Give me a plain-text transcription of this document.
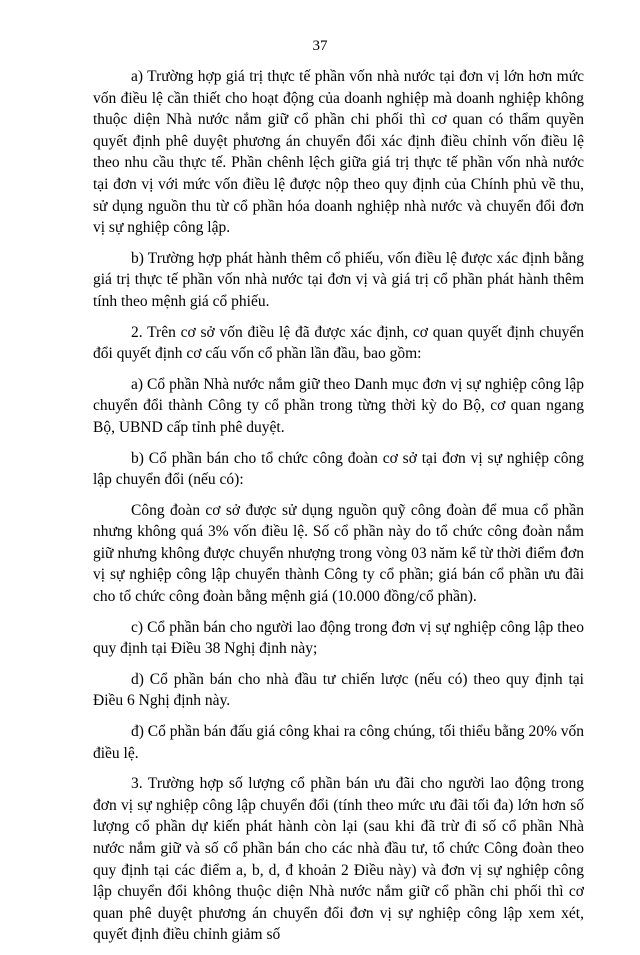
37

a) Trường hợp giá trị thực tế phần vốn nhà nước tại đơn vị lớn hơn mức vốn điều lệ cần thiết cho hoạt động của doanh nghiệp mà doanh nghiệp không thuộc diện Nhà nước nắm giữ cổ phần chi phối thì cơ quan có thẩm quyền quyết định phê duyệt phương án chuyển đổi xác định điều chỉnh vốn điều lệ theo nhu cầu thực tế. Phần chênh lệch giữa giá trị thực tế phần vốn nhà nước tại đơn vị với mức vốn điều lệ được nộp theo quy định của Chính phủ về thu, sử dụng nguồn thu từ cổ phần hóa doanh nghiệp nhà nước và chuyển đổi đơn vị sự nghiệp công lập.

b) Trường hợp phát hành thêm cổ phiếu, vốn điều lệ được xác định bằng giá trị thực tế phần vốn nhà nước tại đơn vị và giá trị cổ phần phát hành thêm tính theo mệnh giá cổ phiếu.

2. Trên cơ sở vốn điều lệ đã được xác định, cơ quan quyết định chuyển đổi quyết định cơ cấu vốn cổ phần lần đầu, bao gồm:

a) Cổ phần Nhà nước nắm giữ theo Danh mục đơn vị sự nghiệp công lập chuyển đổi thành Công ty cổ phần trong từng thời kỳ do Bộ, cơ quan ngang Bộ, UBND cấp tỉnh phê duyệt.

b) Cổ phần bán cho tổ chức công đoàn cơ sở tại đơn vị sự nghiệp công lập chuyển đổi (nếu có):

Công đoàn cơ sở được sử dụng nguồn quỹ công đoàn để mua cổ phần nhưng không quá 3% vốn điều lệ. Số cổ phần này do tổ chức công đoàn nắm giữ nhưng không được chuyển nhượng trong vòng 03 năm kể từ thời điểm đơn vị sự nghiệp công lập chuyển thành Công ty cổ phần; giá bán cổ phần ưu đãi cho tổ chức công đoàn bằng mệnh giá (10.000 đồng/cổ phần).

c) Cổ phần bán cho người lao động trong đơn vị sự nghiệp công lập theo quy định tại Điều 38 Nghị định này;

d) Cổ phần bán cho nhà đầu tư chiến lược (nếu có) theo quy định tại Điều 6 Nghị định này.

đ) Cổ phần bán đấu giá công khai ra công chúng, tối thiểu bằng 20% vốn điều lệ.

3. Trường hợp số lượng cổ phần bán ưu đãi cho người lao động trong đơn vị sự nghiệp công lập chuyển đổi (tính theo mức ưu đãi tối đa) lớn hơn số lượng cổ phần dự kiến phát hành còn lại (sau khi đã trừ đi số cổ phần Nhà nước nắm giữ và số cổ phần bán cho các nhà đầu tư, tổ chức Công đoàn theo quy định tại các điểm a, b, d, đ khoản 2 Điều này) và đơn vị sự nghiệp công lập chuyển đổi không thuộc diện Nhà nước nắm giữ cổ phần chi phối thì cơ quan phê duyệt phương án chuyển đổi đơn vị sự nghiệp công lập xem xét, quyết định điều chỉnh giảm số
